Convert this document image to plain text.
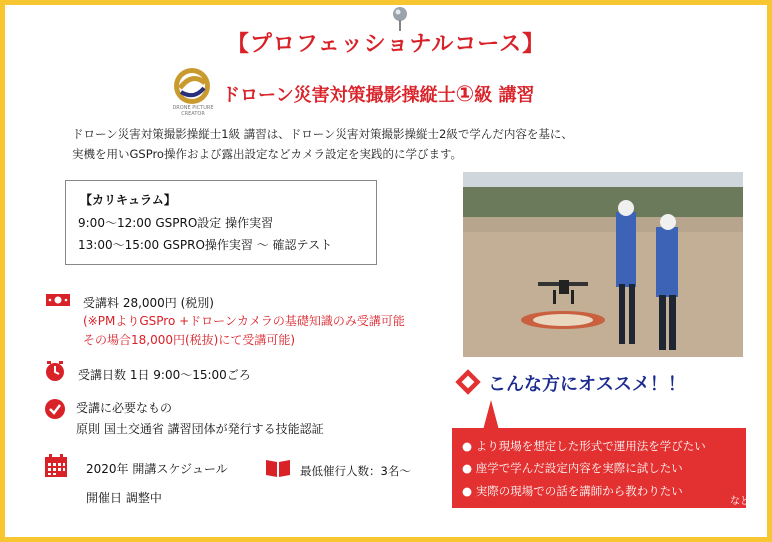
【プロフェッショナルコース】
DRONE PICTURE CREATOR
ドローン災害対策撮影操縦士①級 講習
ドローン災害対策撮影操縦士1級 講習は、ドローン災害対策撮影操縦士2級で学んだ内容を基に、
実機を用いGSPro操作および露出設定などカメラ設定を実践的に学びます。
【カリキュラム】
9:00〜12:00 GSPRO設定 操作実習
13:00〜15:00 GSPRO操作実習 〜 確認テスト
受講料 28,000円 (税別)
(※PMよりGSPro +ドローンカメラの基礎知識のみ受講可能
その場合18,000円(税抜)にて受講可能)
受講日数 1日 9:00〜15:00ごろ
受講に必要なもの
原則 国土交通省 講習団体が発行する技能認証
2020年 開講スケジュール
開催日 調整中
最低催行人数：3名〜
こんな方にオススメ！！
● より現場を想定した形式で運用法を学びたい
● 座学で学んだ設定内容を実際に試したい
● 実際の現場での話を講師から教わりたい
など
